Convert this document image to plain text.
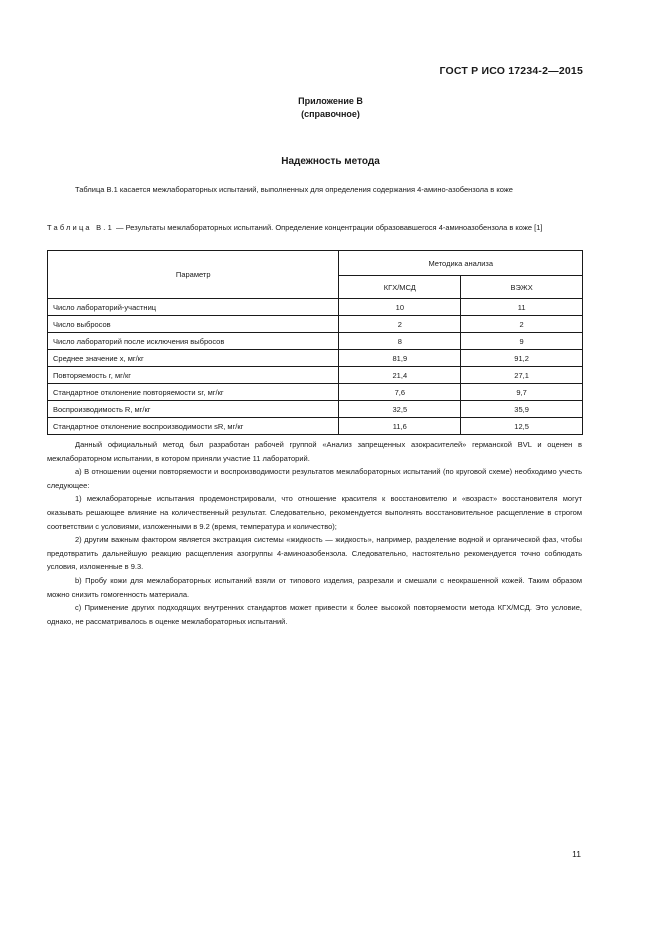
ГОСТ Р ИСО 17234-2—2015
Приложение В
(справочное)
Надежность метода

Таблица В.1 касается межлабораторных испытаний, выполненных для определения содержания 4-амино-азобензола в коже

Таблица В.1 — Результаты межлабораторных испытаний. Определение концентрации образовавшегося 4-аминоазобензола в коже [1]

Параметр	Методика анализа	
	КГХ/МСД	ВЭЖХ
Число лабораторий-участниц	10	11
Число выбросов	2	2
Число лабораторий после исключения выбросов	8	9
Среднее значение x, мг/кг	81,9	91,2
Повторяемость r, мг/кг	21,4	27,1
Стандартное отклонение повторяемости sr, мг/кг	7,6	9,7
Воспроизводимость R, мг/кг	32,5	35,9
Стандартное отклонение воспроизводимости sR, мг/кг	11,6	12,5

Данный официальный метод был разработан рабочей группой «Анализ запрещенных азокрасителей» германской BVL и оценен в межлабораторном испытании, в котором приняли участие 11 лабораторий.

а) В отношении оценки повторяемости и воспроизводимости результатов межлабораторных испытаний (по круговой схеме) необходимо учесть следующее:

1) межлабораторные испытания продемонстрировали, что отношение красителя к восстановителю и «возраст» восстановителя могут оказывать решающее влияние на количественный результат. Следовательно, рекомендуется выполнять восстановительное расщепление в строгом соответствии с условиями, изложенными в 9.2 (время, температура и количество);

2) другим важным фактором является экстракция системы «жидкость — жидкость», например, разделение водной и органической фаз, чтобы предотвратить дальнейшую реакцию расщепления азогруппы 4-аминоазобензола. Следовательно, настоятельно рекомендуется точно соблюдать условия, изложенные в 9.3.

b) Пробу кожи для межлабораторных испытаний взяли от типового изделия, разрезали и смешали с неокрашенной кожей. Таким образом можно снизить гомогенность материала.

c) Применение других подходящих внутренних стандартов может привести к более высокой повторяемости метода КГХ/МСД. Это условие, однако, не рассматривалось в оценке межлабораторных испытаний.

11
